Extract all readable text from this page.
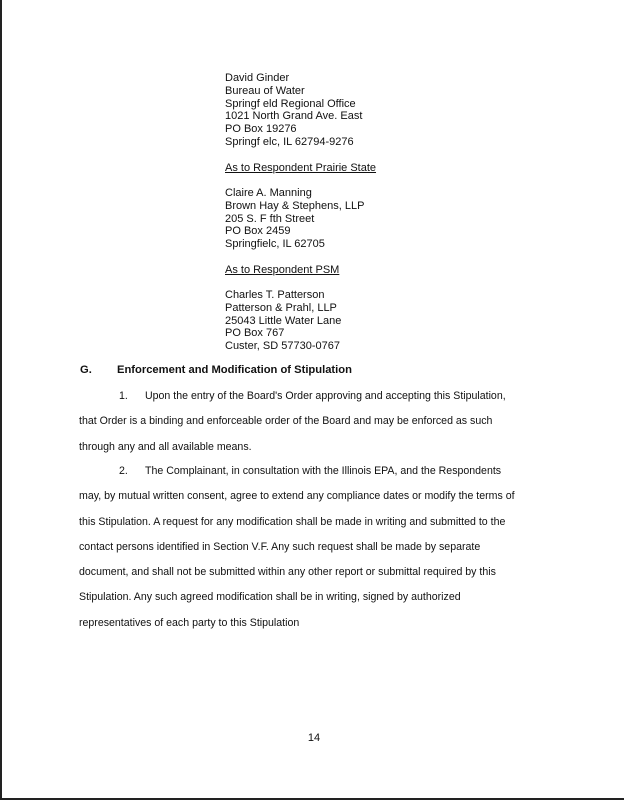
David Ginder
Bureau of Water
Springf eld Regional Office
1021 North Grand Ave. East
PO Box 19276
Springf elc, IL 62794-9276
As to Respondent Prairie State
Claire A. Manning
Brown Hay & Stephens, LLP
205 S. F fth Street
PO Box 2459
Springfielc, IL 62705
As to Respondent PSM
Charles T. Patterson
Patterson & Prahl, LLP
25043 Little Water Lane
PO Box 767
Custer, SD 57730-0767
G. Enforcement and Modification of Stipulation

1. Upon the entry of the Board's Order approving and accepting this Stipulation,

that Order is a binding and enforceable order of the Board and may be enforced as such

through any and all available means.

2. The Complainant, in consultation with the Illinois EPA, and the Respondents

may, by mutual written consent, agree to extend any compliance dates or modify the terms of

this Stipulation. A request for any modification shall be made in writing and submitted to the

contact persons identified in Section V.F. Any such request shall be made by separate

document, and shall not be submitted within any other report or submittal required by this

Stipulation. Any such agreed modification shall be in writing, signed by authorized

representatives of each party to this Stipulation

14
